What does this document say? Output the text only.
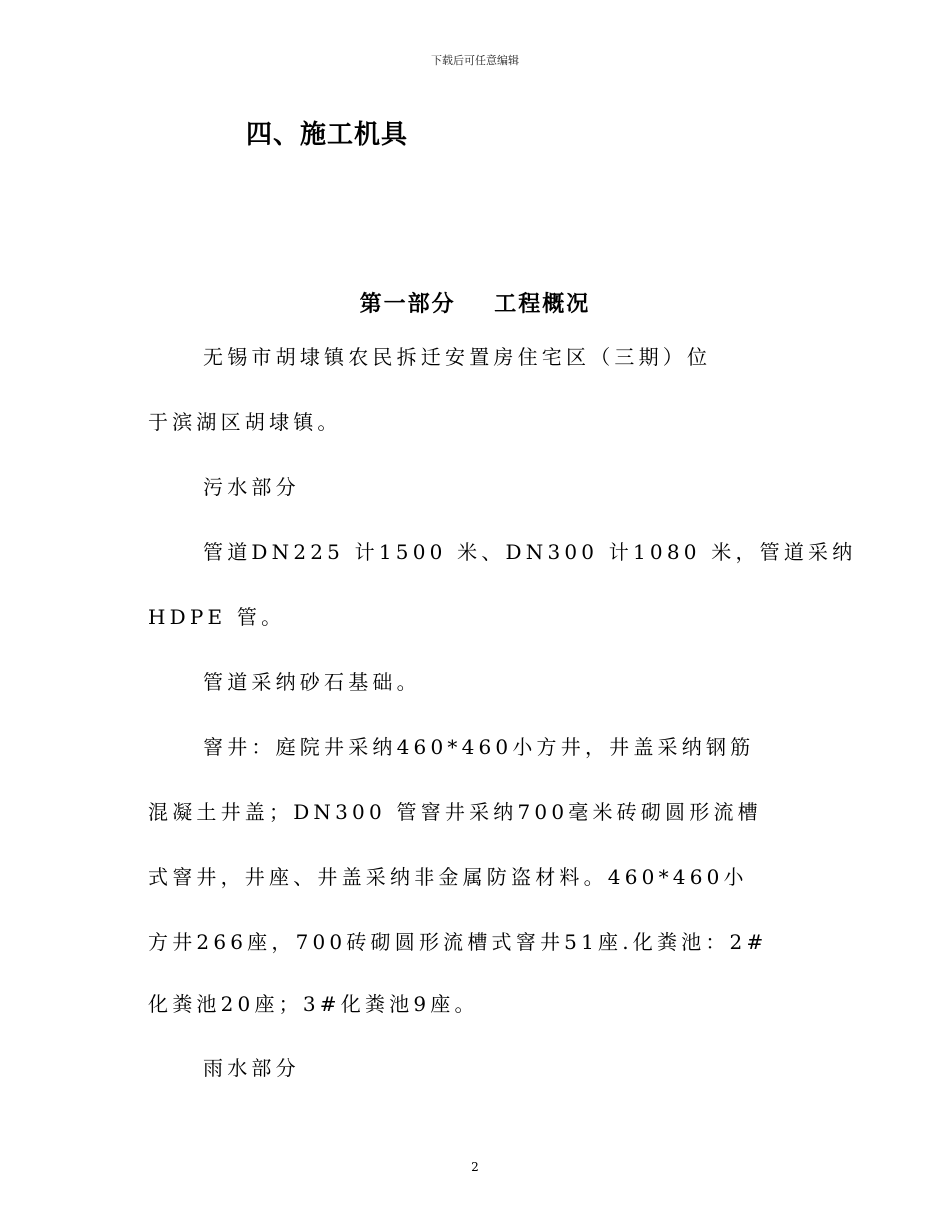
下载后可任意编辑
四、施工机具
第一部分    工程概况
无锡市胡埭镇农民拆迁安置房住宅区（三期）位
于滨湖区胡埭镇。
污水部分
管道DN225 计1500 米、DN300 计1080 米，管道采纳
HDPE 管。
管道采纳砂石基础。
窨井：庭院井采纳460*460小方井，井盖采纳钢筋
混凝土井盖；DN300 管窨井采纳700毫米砖砌圆形流槽
式窨井，井座、井盖采纳非金属防盗材料。460*460小
方井266座，700砖砌圆形流槽式窨井51座.化粪池：2#
化粪池20座；3#化粪池9座。
雨水部分
2
